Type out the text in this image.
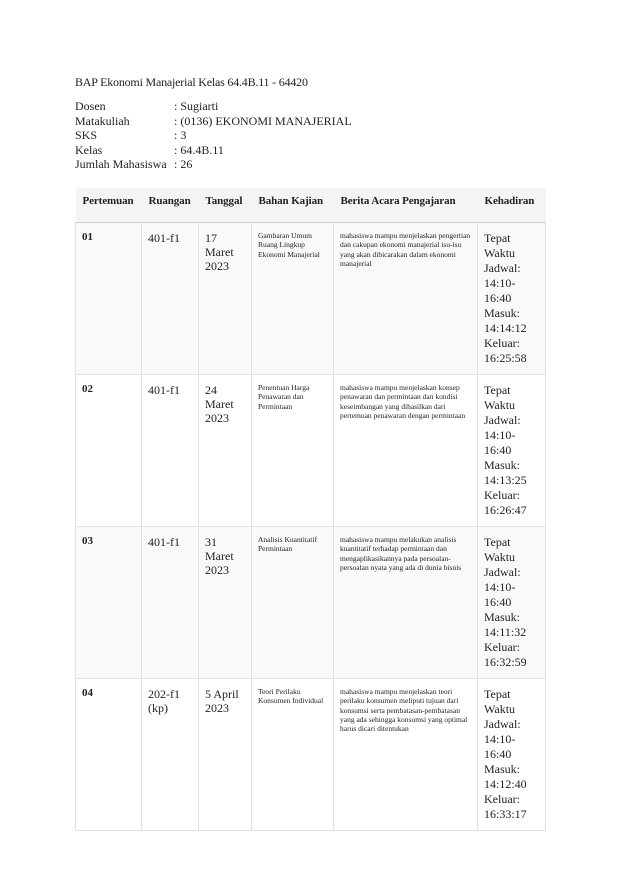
BAP Ekonomi Manajerial Kelas 64.4B.11 - 64420
Dosen	: Sugiarti
Matakuliah	: (0136) EKONOMI MANAJERIAL
SKS	: 3
Kelas	: 64.4B.11
Jumlah Mahasiswa : 26
Pertemuan	Ruangan	Tanggal	Bahan Kajian	Berita Acara Pengajaran	Kehadiran
01	401-f1	17 Maret 2023	Gambaran Umum Ruang Lingkup Ekonomi Manajerial	mahasiswa mampu menjelaskan pengertian dan cakupan ekonomi manajerial isu-isu yang akan dibicarakan dalam ekonomi manajerial	Tepat Waktu Jadwal: 14:10-16:40 Masuk: 14:14:12 Keluar: 16:25:58
02	401-f1	24 Maret 2023	Penentuan Harga Penawaran dan Permintaan	mahasiswa mampu menjelaskan konsep penawaran dan permintaan dan kondisi keseimbangan yang dihasilkan dari pertemuan penawaran dengan permintaan	Tepat Waktu Jadwal: 14:10-16:40 Masuk: 14:13:25 Keluar: 16:26:47
03	401-f1	31 Maret 2023	Analisis Kuantitatif Permintaan	mahasiswa mampu melakukan analisis kuantitatif terhadap permintaan dan mengaplikasikannya pada persoalan-persoalan nyata yang ada di dunia bisnis	Tepat Waktu Jadwal: 14:10-16:40 Masuk: 14:11:32 Keluar: 16:32:59
04	202-f1 (kp)	5 April 2023	Teori Perilaku Konsumen Individual	mahasiswa mampu menjelaskan teori perilaku konsumen meliputi tujuan dari konsumsi serta pembatasan-pembatasan yang ada sehingga konsumsi yang optimal harus dicari ditentukan	Tepat Waktu Jadwal: 14:10-16:40 Masuk: 14:12:40 Keluar: 16:33:17
